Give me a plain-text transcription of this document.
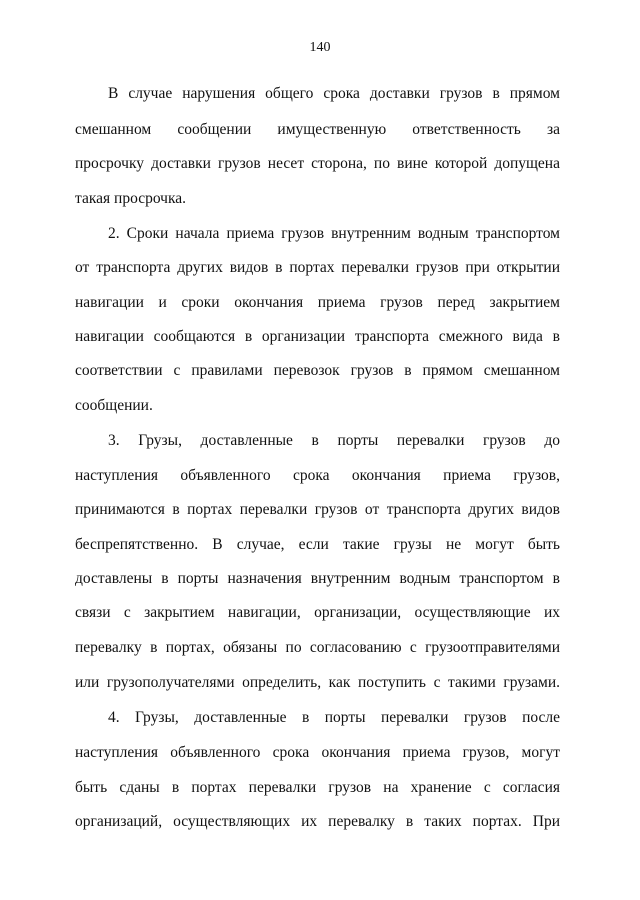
140
В случае нарушения общего срока доставки грузов в прямом
смешанном сообщении имущественную ответственность за
просрочку доставки грузов несет сторона, по вине которой допущена
такая просрочка.
2. Сроки начала приема грузов внутренним водным транспортом
от транспорта других видов в портах перевалки грузов при открытии
навигации и сроки окончания приема грузов перед закрытием
навигации сообщаются в организации транспорта смежного вида в
соответствии с правилами перевозок грузов в прямом смешанном
сообщении.
3. Грузы, доставленные в порты перевалки грузов до
наступления объявленного срока окончания приема грузов,
принимаются в портах перевалки грузов от транспорта других видов
беспрепятственно. В случае, если такие грузы не могут быть
доставлены в порты назначения внутренним водным транспортом в
связи с закрытием навигации, организации, осуществляющие их
перевалку в портах, обязаны по согласованию с грузоотправителями
или грузополучателями определить, как поступить с такими грузами.
4. Грузы, доставленные в порты перевалки грузов после
наступления объявленного срока окончания приема грузов, могут
быть сданы в портах перевалки грузов на хранение с согласия
организаций, осуществляющих их перевалку в таких портах. При
